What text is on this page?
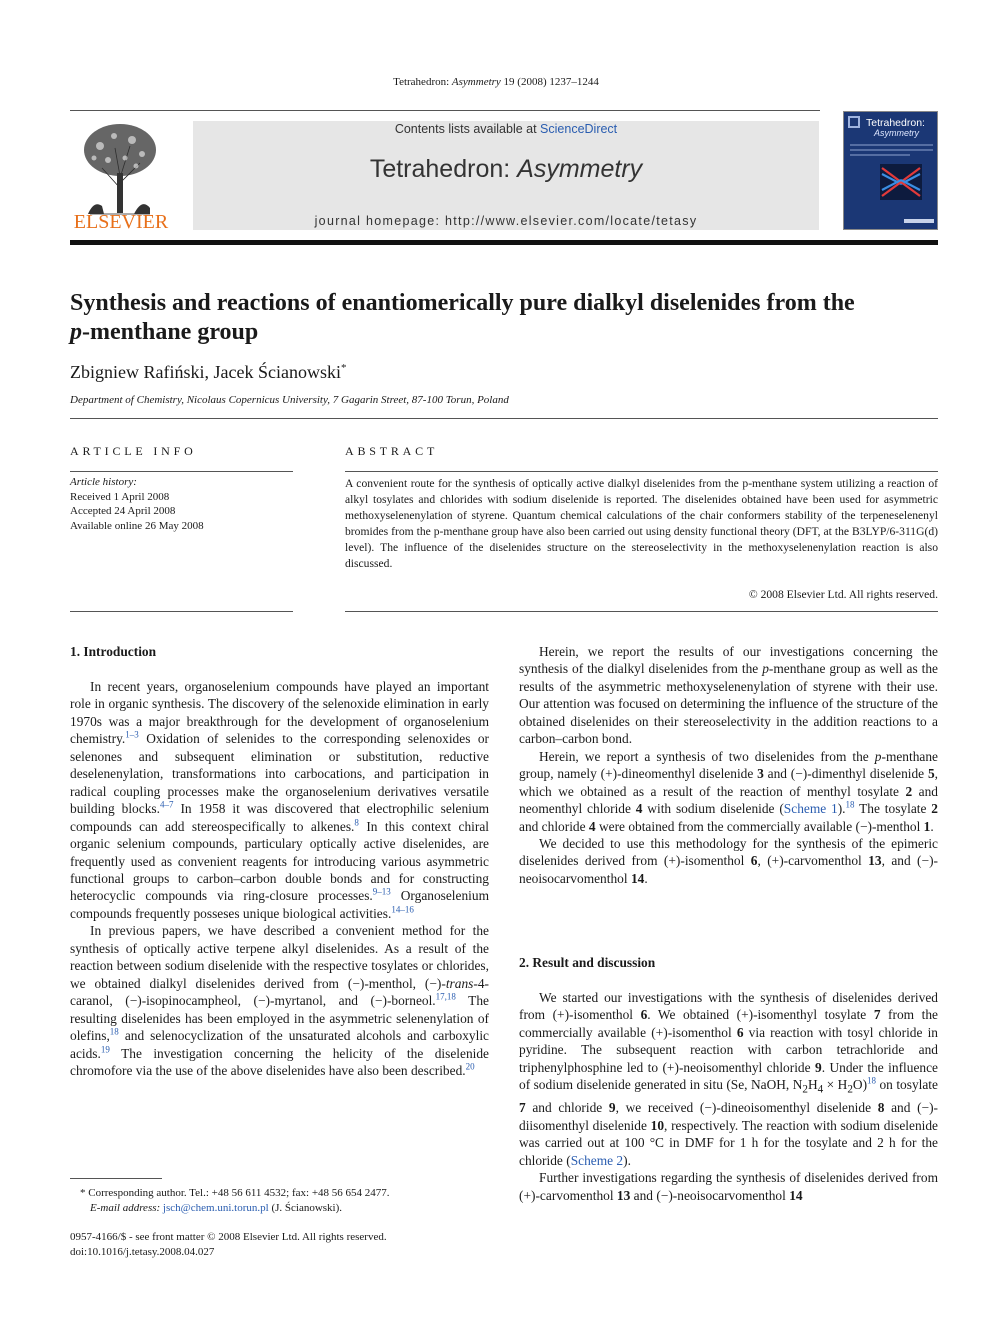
Tetrahedron: Asymmetry 19 (2008) 1237–1244
ELSEVIER
Contents lists available at ScienceDirect
Tetrahedron: Asymmetry
journal homepage: http://www.elsevier.com/locate/tetasy
Tetrahedron:
Asymmetry
Synthesis and reactions of enantiomerically pure dialkyl diselenides from the
p-menthane group
Zbigniew Rafiński, Jacek Ścianowski*
Department of Chemistry, Nicolaus Copernicus University, 7 Gagarin Street, 87-100 Torun, Poland
ARTICLE INFO	ABSTRACT
Article history:
Received 1 April 2008
Accepted 24 April 2008
Available online 26 May 2008
A convenient route for the synthesis of optically active dialkyl diselenides from the p-menthane system utilizing a reaction of alkyl tosylates and chlorides with sodium diselenide is reported. The diselenides obtained have been used for asymmetric methoxyselenenylation of styrene. Quantum chemical calculations of the chair conformers stability of the terpeneselenenyl bromides from the p-menthane group have also been carried out using density functional theory (DFT, at the B3LYP/6-311G(d) level). The influence of the diselenides structure on the stereoselectivity in the methoxyselenenylation reaction is also discussed.
© 2008 Elsevier Ltd. All rights reserved.
1. Introduction

In recent years, organoselenium compounds have played an important role in organic synthesis. The discovery of the selenoxide elimination in early 1970s was a major breakthrough for the development of organoselenium chemistry.$^{1-3}$ Oxidation of selenides to the corresponding selenoxides or selenones and subsequent elimination or substitution, reductive deselenenylation, transformations into carbocations, and participation in radical coupling processes make the organoselenium derivatives versatile building blocks.$^{4-7}$ In 1958 it was discovered that electrophilic selenium compounds can add stereospecifically to alkenes.$^8$ In this context chiral organic selenium compounds, particulary optically active diselenides, are frequently used as convenient reagents for introducing various asymmetric functional groups to carbon–carbon double bonds and for constructing heterocyclic compounds via ring-closure processes.$^{9-13}$ Organoselenium compounds frequently posseses unique biological activities.$^{14-16}$

In previous papers, we have described a convenient method for the synthesis of optically active terpene alkyl diselenides. As a result of the reaction between sodium diselenide with the respective tosylates or chlorides, we obtained dialkyl diselenides derived from (−)-menthol, (−)-trans-4-caranol, (−)-isopinocampheol, (−)-myrtanol, and (−)-borneol.$^{17,18}$ The resulting diselenides has been employed in the asymmetric selenenylation of olefins,$^{18}$ and selenocyclization of the unsaturated alcohols and carboxylic acids.$^{19}$ The investigation concerning the helicity of the diselenide chromofore via the use of the above diselenides have also been described.$^{20}$

Herein, we report the results of our investigations concerning the synthesis of the dialkyl diselenides from the p-menthane group as well as the results of the asymmetric methoxyselenenylation of styrene with their use. Our attention was focused on determining the influence of the structure of the obtained diselenides on their stereoselectivity in the addition reactions to a carbon–carbon bond.

Herein, we report a synthesis of two diselenides from the p-menthane group, namely (+)-dineomenthyl diselenide 3 and (−)-dimenthyl diselenide 5, which we obtained as a result of the reaction of menthyl tosylate 2 and neomenthyl chloride 4 with sodium diselenide (Scheme 1).$^{18}$ The tosylate 2 and chloride 4 were obtained from the commercially available (−)-menthol 1.

We decided to use this methodology for the synthesis of the epimeric diselenides derived from (+)-isomenthol 6, (+)-carvomenthol 13, and (−)-neoisocarvomenthol 14.

2. Result and discussion

We started our investigations with the synthesis of diselenides derived from (+)-isomenthol 6. We obtained (+)-isomenthyl tosylate 7 from the commercially available (+)-isomenthol 6 via reaction with tosyl chloride in pyridine. The subsequent reaction with carbon tetrachloride and triphenylphosphine led to (+)-neoisomenthyl chloride 9. Under the influence of sodium diselenide generated in situ (Se, NaOH, $N_2H_4 \times H_2O)^{18}$ on tosylate 7 and chloride 9, we received (−)-dineoisomenthyl diselenide 8 and (−)-diisomenthyl diselenide 10, respectively. The reaction with sodium diselenide was carried out at 100 °C in DMF for 1 h for the tosylate and 2 h for the chloride (Scheme 2).

Further investigations regarding the synthesis of diselenides derived from (+)-carvomenthol 13 and (−)-neoisocarvomenthol 14

* Corresponding author. Tel.: +48 56 611 4532; fax: +48 56 654 2477.
E-mail address: jsch@chem.uni.torun.pl (J. Ścianowski).
0957-4166/$ - see front matter © 2008 Elsevier Ltd. All rights reserved.
doi:10.1016/j.tetasy.2008.04.027
